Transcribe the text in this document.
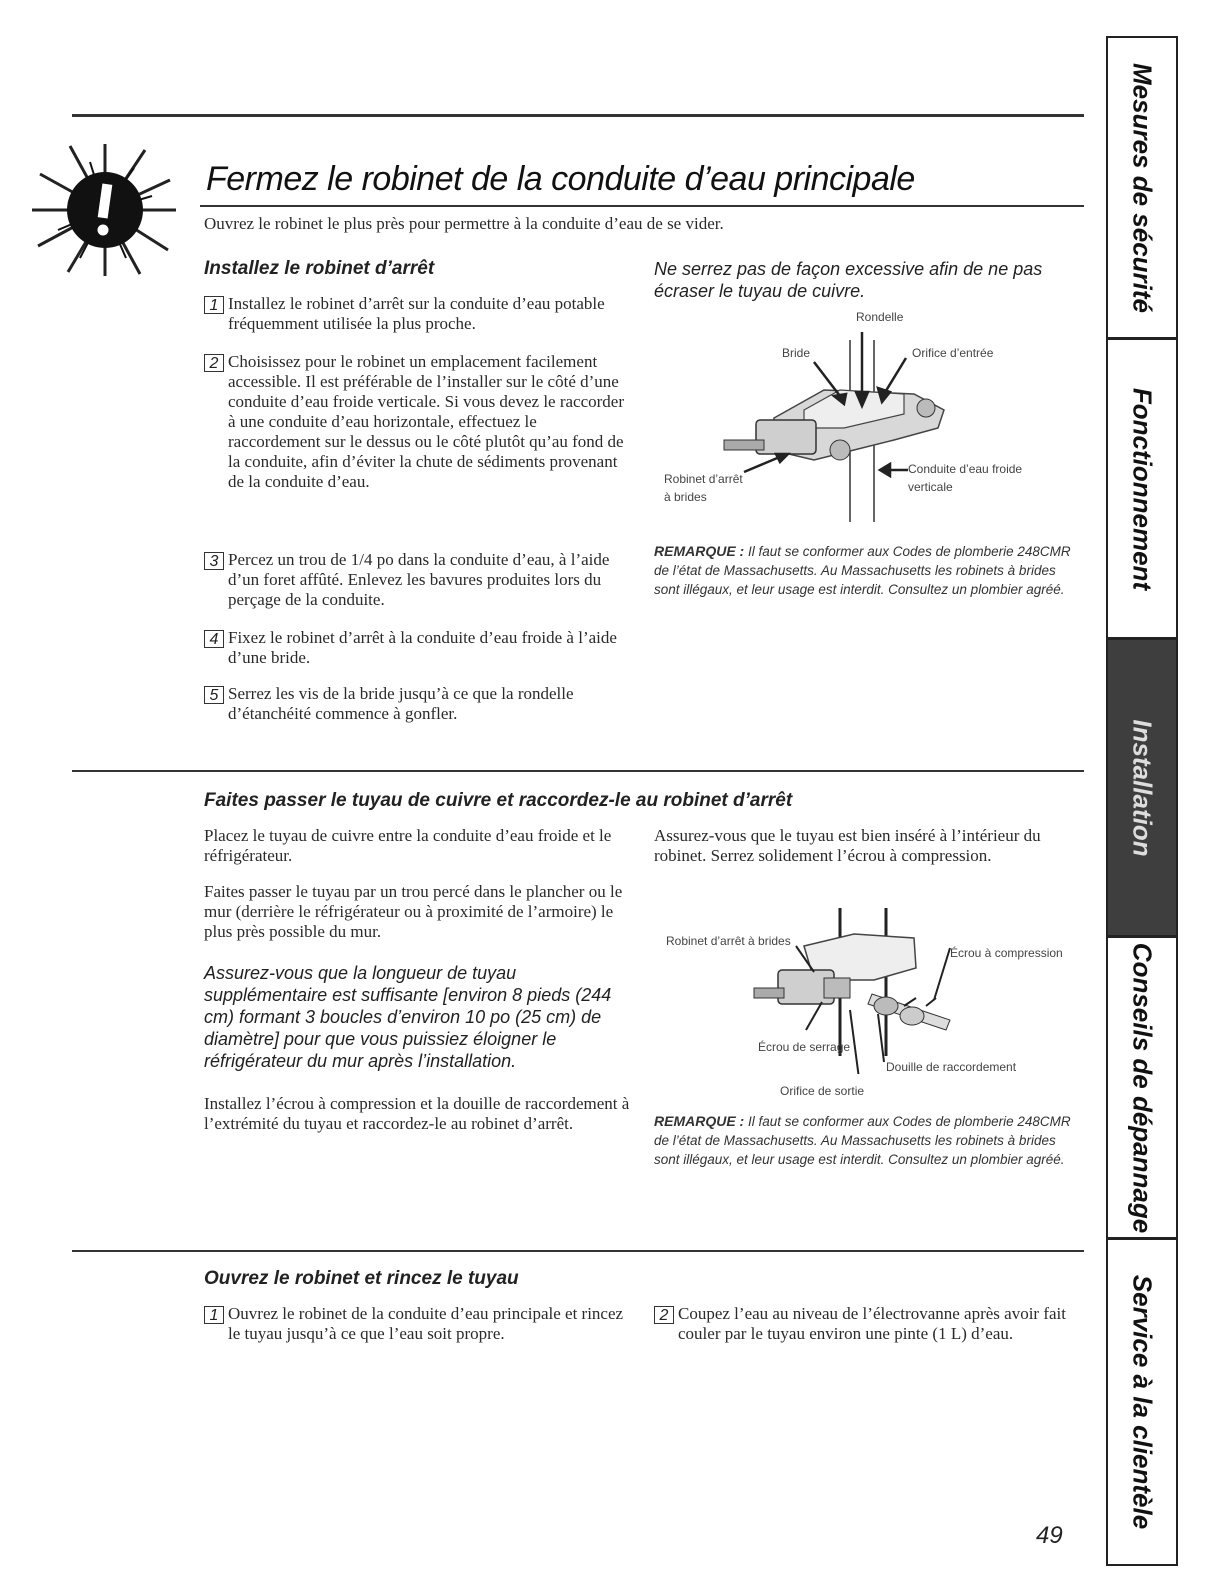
Fermez le robinet de la conduite d’eau principale
Ouvrez le robinet le plus près pour permettre à la conduite d’eau de se vider.
Installez le robinet d’arrêt
1 Installez le robinet d’arrêt sur la conduite d’eau potable fréquemment utilisée la plus proche.
2 Choisissez pour le robinet un emplacement facilement accessible. Il est préférable de l’installer sur le côté d’une conduite d’eau froide verticale. Si vous devez le raccorder à une conduite d’eau horizontale, effectuez le raccordement sur le dessus ou le côté plutôt qu’au fond de la conduite, afin d’éviter la chute de sédiments provenant de la conduite d’eau.
3 Percez un trou de 1/4 po dans la conduite d’eau, à l’aide d’un foret affûté. Enlevez les bavures produites lors du perçage de la conduite.
4 Fixez le robinet d’arrêt à la conduite d’eau froide à l’aide d’une bride.
5 Serrez les vis de la bride jusqu’à ce que la rondelle d’étanchéité commence à gonfler.
Ne serrez pas de façon excessive afin de ne pas écraser le tuyau de cuivre.
Rondelle
Bride	Orifice d’entrée
Robinet d’arrêt
à brides
Conduite d’eau froide
verticale
REMARQUE : Il faut se conformer aux Codes de plomberie 248CMR de l’état de Massachusetts. Au Massachusetts les robinets à brides sont illégaux, et leur usage est interdit. Consultez un plombier agréé.
Faites passer le tuyau de cuivre et raccordez-le au robinet d’arrêt
Placez le tuyau de cuivre entre la conduite d’eau froide et le réfrigérateur.
Faites passer le tuyau par un trou percé dans le plancher ou le mur (derrière le réfrigérateur ou à proximité de l’armoire) le plus près possible du mur.
Assurez-vous que la longueur de tuyau supplémentaire est suffisante [environ 8 pieds (244 cm) formant 3 boucles d’environ 10 po (25 cm) de diamètre] pour que vous puissiez éloigner le réfrigérateur du mur après l’installation.
Installez l’écrou à compression et la douille de raccordement à l’extrémité du tuyau et raccordez-le au robinet d’arrêt.
Assurez-vous que le tuyau est bien inséré à l’intérieur du robinet. Serrez solidement l’écrou à compression.
Robinet d’arrêt à brides
Écrou à compression
Écrou de serrage
Douille de raccordement
Orifice de sortie
REMARQUE : Il faut se conformer aux Codes de plomberie 248CMR de l’état de Massachusetts. Au Massachusetts les robinets à brides sont illégaux, et leur usage est interdit. Consultez un plombier agréé.
Ouvrez le robinet et rincez le tuyau
1 Ouvrez le robinet de la conduite d’eau principale et rincez le tuyau jusqu’à ce que l’eau soit propre.
2 Coupez l’eau au niveau de l’électrovanne après avoir fait couler par le tuyau environ une pinte (1 L) d’eau.
49
Mesures de sécurité
Fonctionnement
Installation
Conseils de dépannage
Service à la clientèle
